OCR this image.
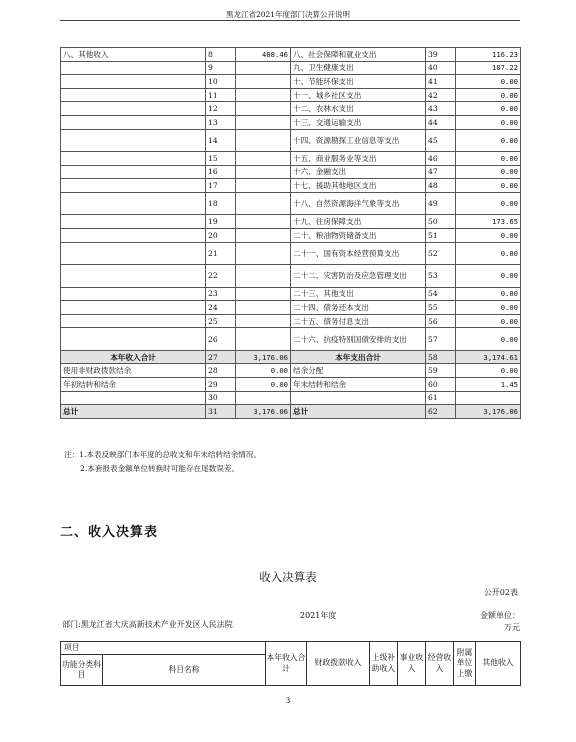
黑龙江省2021年度部门决算公开说明
八、其他收入	8	408.46	八、社会保障和就业支出	39	116.23
	9		九、卫生健康支出	40	107.22
	10		十、节能环保支出	41	0.00
	11		十一、城乡社区支出	42	0.00
	12		十二、农林水支出	43	0.00
	13		十三、交通运输支出	44	0.00
	14		十四、资源勘探工业信息等支出	45	0.00
	15		十五、商业服务业等支出	46	0.00
	16		十六、金融支出	47	0.00
	17		十七、援助其他地区支出	48	0.00
	18		十八、自然资源海洋气象等支出	49	0.00
	19		十九、住房保障支出	50	173.65
	20		二十、粮油物资储备支出	51	0.00
	21		二十一、国有资本经营预算支出	52	0.00
	22		二十二、灾害防治及应急管理支出	53	0.00
	23		二十三、其他支出	54	0.00
	24		二十四、债务还本支出	55	0.00
	25		二十五、债务付息支出	56	0.00
	26		二十六、抗疫特别国债安排的支出	57	0.00
本年收入合计	27	3,176.06	本年支出合计	58	3,174.61
使用非财政拨款结余	28	0.00	结余分配	59	0.00
年初结转和结余	29	0.00	年末结转和结余	60	1.45
	30			61	
总计	31	3,176.06	总计	62	3,176.06
注：1.本表反映部门本年度的总收支和年末结转结余情况。
2.本套报表金额单位转换时可能存在尾数误差。
二、收入决算表
收入决算表
公开02表
部门:黑龙江省大庆高新技术产业开发区人民法院
2021年度	金额单位：万元
项目		本年收入合计	财政拨款收入	上级补助收入	事业收入	经营收入	附属单位上缴	其他收入
功能分类科目	科目名称							
3
